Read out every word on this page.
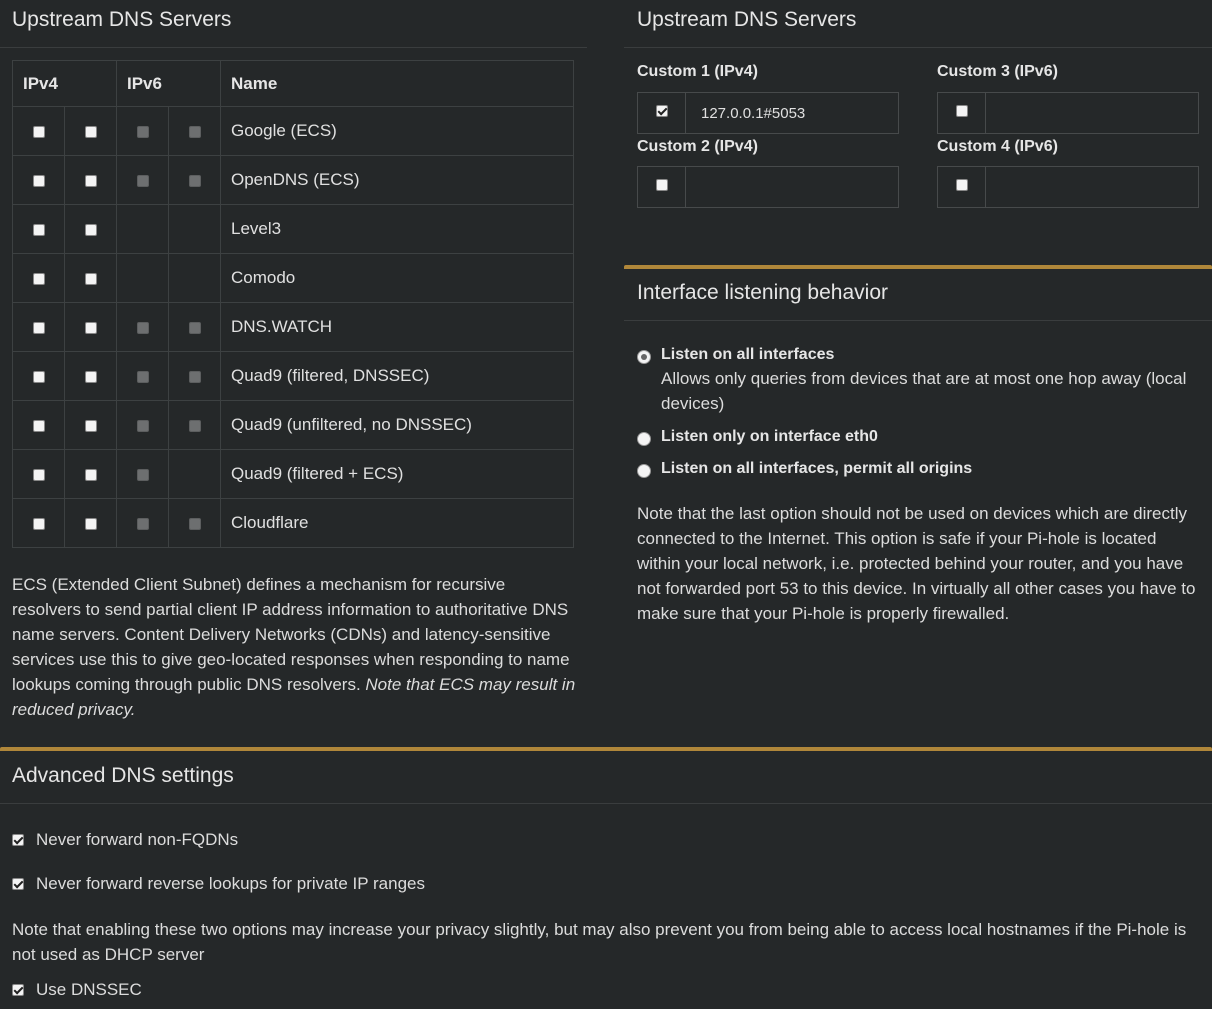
Upstream DNS Servers
IPv4		IPv6		Name
				Google (ECS)
				OpenDNS (ECS)
				Level3
				Comodo
				DNS.WATCH
				Quad9 (filtered, DNSSEC)
				Quad9 (unfiltered, no DNSSEC)
				Quad9 (filtered + ECS)
				Cloudflare
ECS (Extended Client Subnet) defines a mechanism for recursive resolvers to send partial client IP address information to authoritative DNS name servers. Content Delivery Networks (CDNs) and latency-sensitive services use this to give geo-located responses when responding to name lookups coming through public DNS resolvers. Note that ECS may result in reduced privacy.
Upstream DNS Servers
Custom 1 (IPv4)
127.0.0.1#5053
Custom 2 (IPv4)
Custom 3 (IPv6)
Custom 4 (IPv6)
Interface listening behavior
Listen on all interfaces
Allows only queries from devices that are at most one hop away (local devices)
Listen only on interface eth0
Listen on all interfaces, permit all origins
Note that the last option should not be used on devices which are directly connected to the Internet. This option is safe if your Pi-hole is located within your local network, i.e. protected behind your router, and you have not forwarded port 53 to this device. In virtually all other cases you have to make sure that your Pi-hole is properly firewalled.
Advanced DNS settings
Never forward non-FQDNs
Never forward reverse lookups for private IP ranges
Note that enabling these two options may increase your privacy slightly, but may also prevent you from being able to access local hostnames if the Pi-hole is not used as DHCP server
Use DNSSEC
